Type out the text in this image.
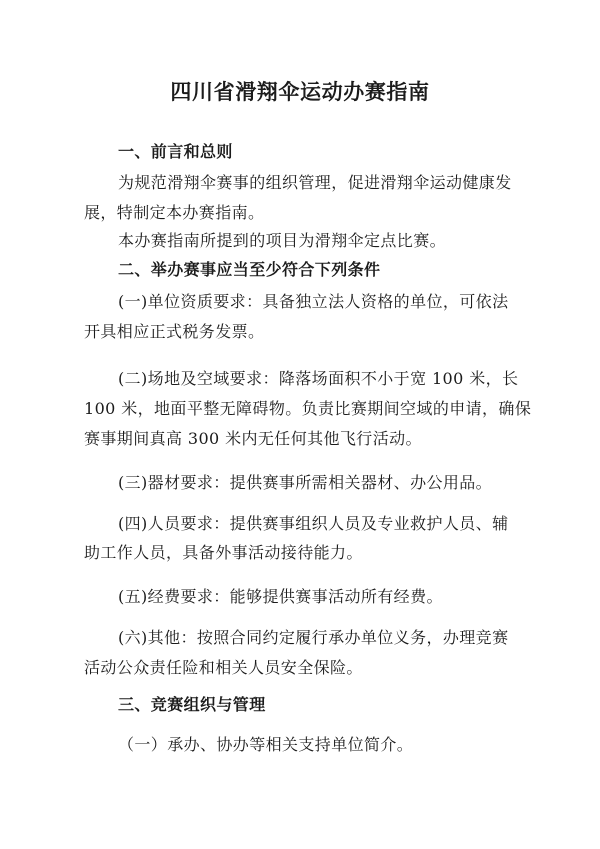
四川省滑翔伞运动办赛指南
一、前言和总则
为规范滑翔伞赛事的组织管理，促进滑翔伞运动健康发
展，特制定本办赛指南。
本办赛指南所提到的项目为滑翔伞定点比赛。
二、举办赛事应当至少符合下列条件
(一)单位资质要求：具备独立法人资格的单位，可依法
开具相应正式税务发票。
(二)场地及空域要求：降落场面积不小于宽 100 米，长
100 米，地面平整无障碍物。负责比赛期间空域的申请，确保
赛事期间真高 300 米内无任何其他飞行活动。
(三)器材要求：提供赛事所需相关器材、办公用品。
(四)人员要求：提供赛事组织人员及专业救护人员、辅
助工作人员，具备外事活动接待能力。
(五)经费要求：能够提供赛事活动所有经费。
(六)其他：按照合同约定履行承办单位义务，办理竞赛
活动公众责任险和相关人员安全保险。
三、竞赛组织与管理
（一）承办、协办等相关支持单位简介。
